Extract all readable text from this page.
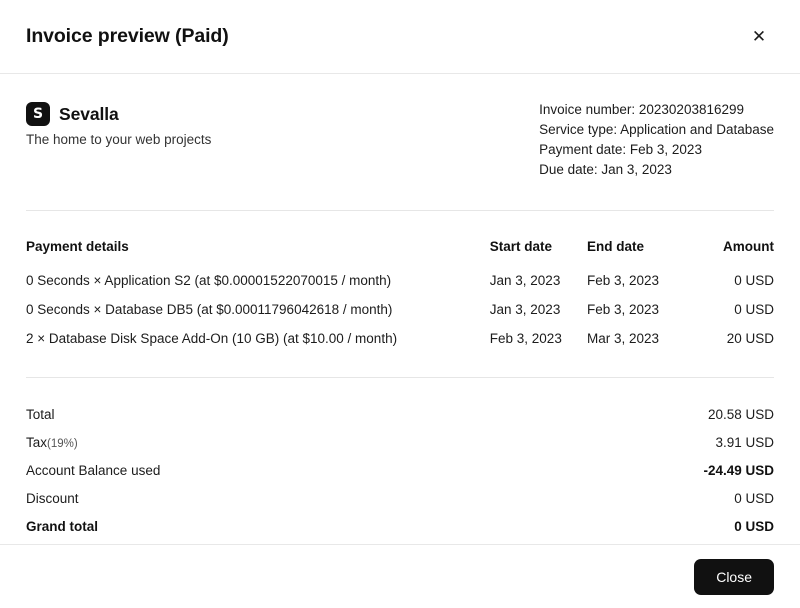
Invoice preview (Paid)	✕
S Sevalla
The home to your web projects
Invoice number: 20230203816299
Service type: Application and Database
Payment date: Feb 3, 2023
Due date: Jan 3, 2023
Payment details	Start date	End date	Amount
0 Seconds × Application S2 (at $0.00001522070015 / month)	Jan 3, 2023	Feb 3, 2023	0 USD
0 Seconds × Database DB5 (at $0.00011796042618 / month)	Jan 3, 2023	Feb 3, 2023	0 USD
2 × Database Disk Space Add-On (10 GB) (at $10.00 / month)	Feb 3, 2023	Mar 3, 2023	20 USD
Total	20.58 USD
Tax(19%)	3.91 USD
Account Balance used	-24.49 USD
Discount	0 USD
Grand total	0 USD
Close
